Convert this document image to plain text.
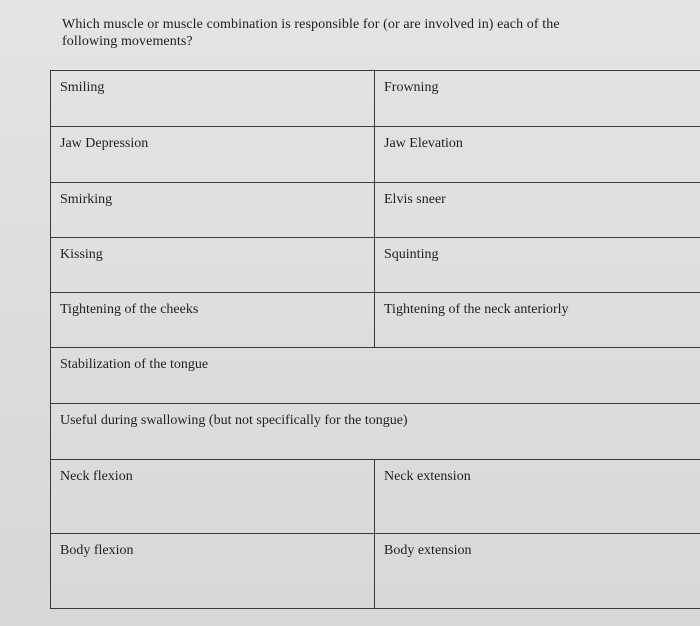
Which muscle or muscle combination is responsible for (or are involved in) each of the
following movements?
Smiling	Frowning
Jaw Depression	Jaw Elevation
Smirking	Elvis sneer
Kissing	Squinting
Tightening of the cheeks	Tightening of the neck anteriorly
Stabilization of the tongue	
Useful during swallowing (but not specifically for the tongue)	
Neck flexion	Neck extension
Body flexion	Body extension
